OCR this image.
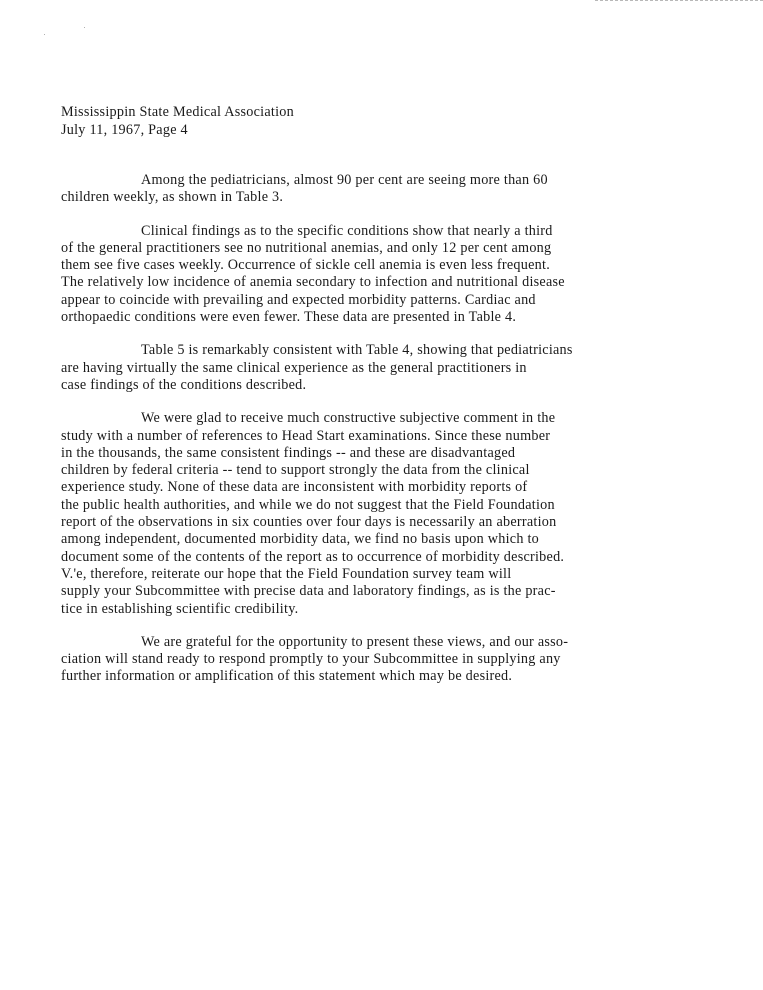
Mississippin State Medical Association
July 11, 1967, Page 4
Among the pediatricians, almost 90 per cent are seeing more than 60
children weekly, as shown in Table 3.
Clinical findings as to the specific conditions show that nearly a third
of the general practitioners see no nutritional anemias, and only 12 per cent among
them see five cases weekly. Occurrence of sickle cell anemia is even less frequent.
The relatively low incidence of anemia secondary to infection and nutritional disease
appear to coincide with prevailing and expected morbidity patterns. Cardiac and
orthopaedic conditions were even fewer. These data are presented in Table 4.
Table 5 is remarkably consistent with Table 4, showing that pediatricians
are having virtually the same clinical experience as the general practitioners in
case findings of the conditions described.
We were glad to receive much constructive subjective comment in the
study with a number of references to Head Start examinations. Since these number
in the thousands, the same consistent findings -- and these are disadvantaged
children by federal criteria -- tend to support strongly the data from the clinical
experience study. None of these data are inconsistent with morbidity reports of
the public health authorities, and while we do not suggest that the Field Foundation
report of the observations in six counties over four days is necessarily an aberration
among independent, documented morbidity data, we find no basis upon which to
document some of the contents of the report as to occurrence of morbidity described.
V.'e, therefore, reiterate our hope that the Field Foundation survey team will
supply your Subcommittee with precise data and laboratory findings, as is the prac-
tice in establishing scientific credibility.
We are grateful for the opportunity to present these views, and our asso-
ciation will stand ready to respond promptly to your Subcommittee in supplying any
further information or amplification of this statement which may be desired.
